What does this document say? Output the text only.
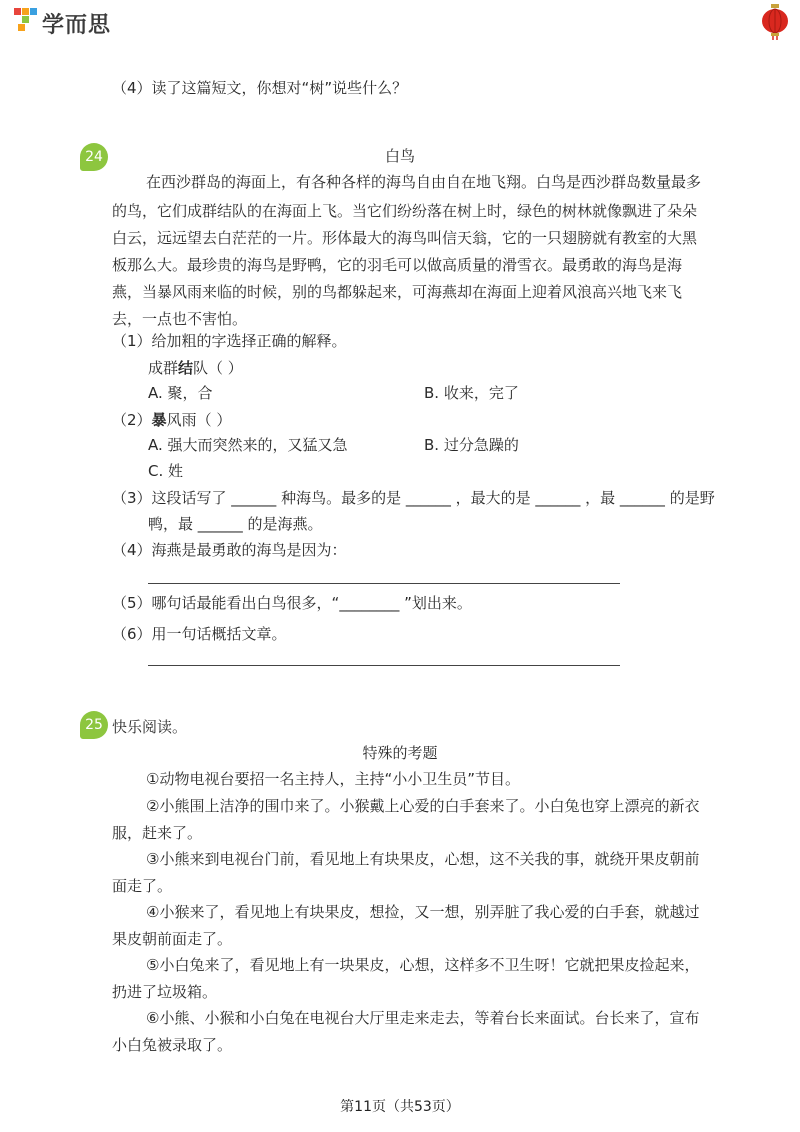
学而思
（4）读了这篇短文，你想对“树”说些什么？
24	白鸟
在西沙群岛的海面上，有各种各样的海鸟自由自在地飞翔。白鸟是西沙群岛数量最多
的鸟，它们成群结队的在海面上飞。当它们纷纷落在树上时，绿色的树林就像飘进了朵朵
白云，远远望去白茫茫的一片。形体最大的海鸟叫信天翁，它的一只翅膀就有教室的大黑
板那么大。最珍贵的海鸟是野鸭，它的羽毛可以做高质量的滑雪衣。最勇敢的海鸟是海
燕，当暴风雨来临的时候，别的鸟都躲起来，可海燕却在海面上迎着风浪高兴地飞来飞
去，一点也不害怕。
（1）给加粗的字选择正确的解释。
成群结队（ ）
A. 聚，合	B. 收来，完了
（2）暴风雨（ ）
A. 强大而突然来的，又猛又急	B. 过分急躁的
C. 姓
（3）这段话写了 ______ 种海鸟。最多的是 ______ ，最大的是 ______ ，最 ______ 的是野
鸭，最 ______ 的是海燕。
（4）海燕是最勇敢的海鸟是因为：
（5）哪句话最能看出白鸟很多，“________ ”划出来。
（6）用一句话概括文章。
25 快乐阅读。
特殊的考题
①动物电视台要招一名主持人，主持“小小卫生员”节目。
②小熊围上洁净的围巾来了。小猴戴上心爱的白手套来了。小白兔也穿上漂亮的新衣
服，赶来了。
③小熊来到电视台门前，看见地上有块果皮，心想，这不关我的事，就绕开果皮朝前
面走了。
④小猴来了，看见地上有块果皮，想捡，又一想，别弄脏了我心爱的白手套，就越过
果皮朝前面走了。
⑤小白兔来了，看见地上有一块果皮，心想，这样多不卫生呀！它就把果皮捡起来，
扔进了垃圾箱。
⑥小熊、小猴和小白兔在电视台大厅里走来走去，等着台长来面试。台长来了，宣布
小白兔被录取了。
第11页（共53页）
